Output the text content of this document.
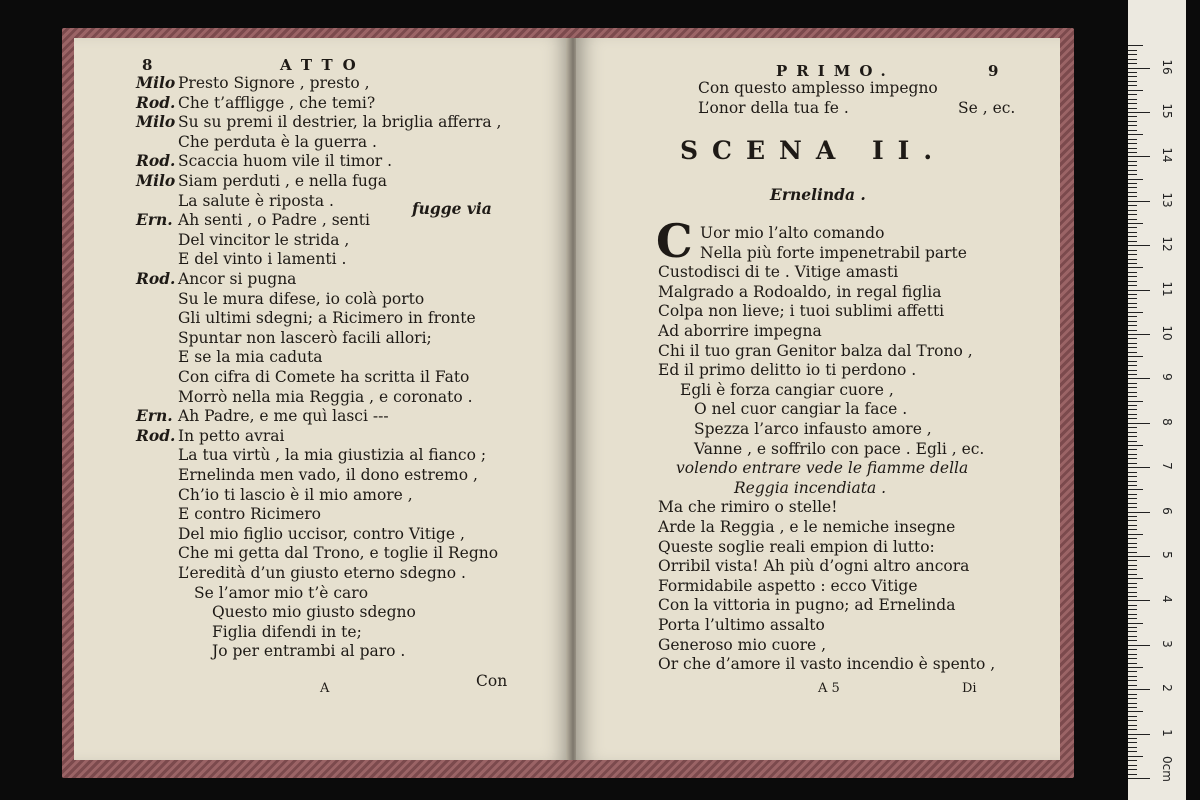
8	ATTO
Milo Presto Signore , presto ,
Rod. Che t’affligge , che temi?
Milo Su su premi il destrier, la briglia afferra ,
Che perduta è la guerra .
Rod. Scaccia huom vile il timor .
Milo Siam perduti , e nella fuga
La salute è riposta .
Ern. Ah senti , o Padre , senti
Del vincitor le strida ,
E del vinto i lamenti .
Rod. Ancor si pugna
Su le mura difese, io colà porto
Gli ultimi sdegni; a Ricimero in fronte
Spuntar non lascerò facili allori;
E se la mia caduta
Con cifra di Comete ha scritta il Fato
Morrò nella mia Reggia , e coronato .
Ern. Ah Padre, e me quì lasci ---
Rod. In petto avrai
La tua virtù , la mia giustizia al fianco ;
Ernelinda men vado, il dono estremo ,
Ch’io ti lascio è il mio amore ,
E contro Ricimero
Del mio figlio uccisor, contro Vitige ,
Che mi getta dal Trono, e toglie il Regno
L’eredità d’un giusto eterno sdegno .
Se l’amor mio t’è caro
Questo mio giusto sdegno
Figlia difendi in te;
Jo per entrambi al paro .
fugge via
A	Con
PRIMO.	9
Con questo amplesso impegno
L’onor della tua fe .	Se , ec.
SCENA II.
Ernelinda .
C Uor mio l’alto comando
Nella più forte impenetrabil parte
Custodisci di te . Vitige amasti
Malgrado a Rodoaldo, in regal figlia
Colpa non lieve; i tuoi sublimi affetti
Ad aborrire impegna
Chi il tuo gran Genitor balza dal Trono ,
Ed il primo delitto io ti perdono .
Egli è forza cangiar cuore ,
O nel cuor cangiar la face .
Spezza l’arco infausto amore ,
Vanne , e soffrilo con pace . Egli , ec.
volendo entrare vede le fiamme della
Reggia incendiata .
Ma che rimiro o stelle!
Arde la Reggia , e le nemiche insegne
Queste soglie reali empion di lutto:
Orribil vista! Ah più d’ogni altro ancora
Formidabile aspetto : ecco Vitige
Con la vittoria in pugno; ad Ernelinda
Porta l’ultimo assalto
Generoso mio cuore ,
Or che d’amore il vasto incendio è spento ,
A 5	Di
0cm
1
2
3
4
5
6
7
8
9
10
11
12
13
14
15
16
